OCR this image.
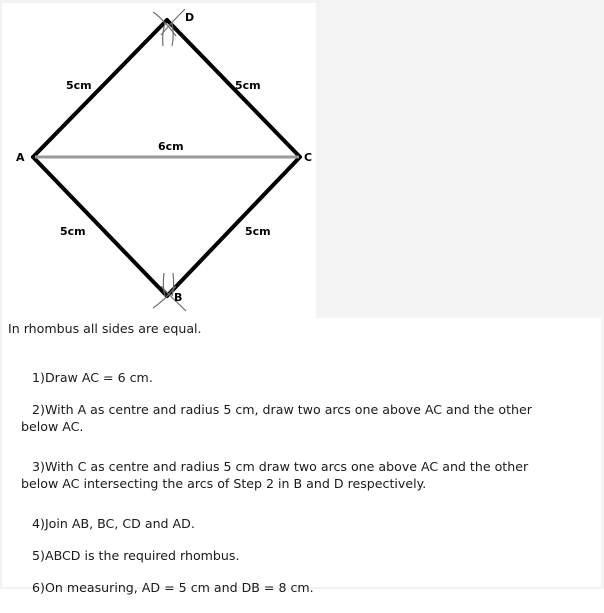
A
B
C
D
5cm	5cm
5cm	5cm
6cm
In rhombus all sides are equal.

1)Draw AC = 6 cm.

2)With A as centre and radius 5 cm, draw two arcs one above AC and the other
below AC.

3)With C as centre and radius 5 cm draw two arcs one above AC and the other
below AC intersecting the arcs of Step 2 in B and D respectively.

4)Join AB, BC, CD and AD.

5)ABCD is the required rhombus.

6)On measuring, AD = 5 cm and DB = 8 cm.
